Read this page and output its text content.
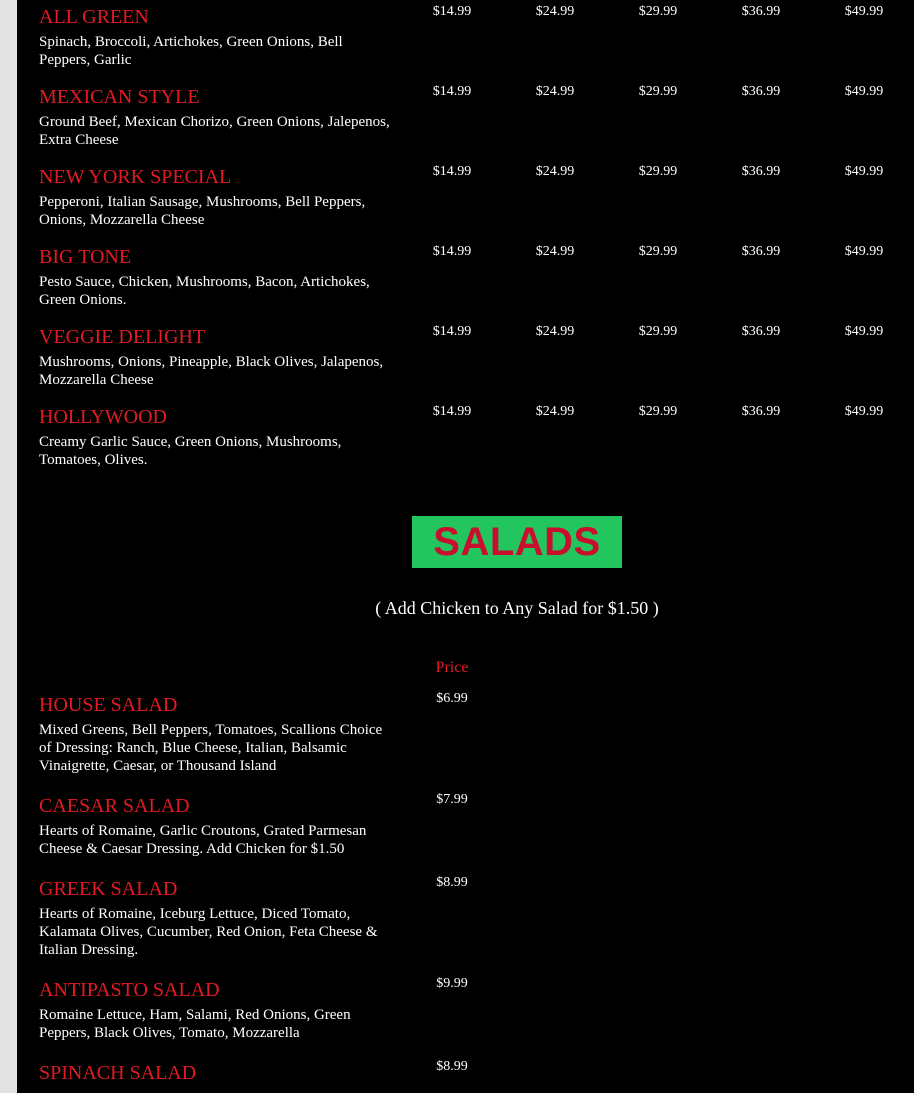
ALL GREEN
Spinach, Broccoli, Artichokes, Green Onions, Bell Peppers, Garlic
$14.99	$24.99	$29.99	$36.99	$49.99
MEXICAN STYLE
Ground Beef, Mexican Chorizo, Green Onions, Jalepenos, Extra Cheese
$14.99	$24.99	$29.99	$36.99	$49.99
NEW YORK SPECIAL
Pepperoni, Italian Sausage, Mushrooms, Bell Peppers, Onions, Mozzarella Cheese
$14.99	$24.99	$29.99	$36.99	$49.99
BIG TONE
Pesto Sauce, Chicken, Mushrooms, Bacon, Artichokes, Green Onions.
$14.99	$24.99	$29.99	$36.99	$49.99
VEGGIE DELIGHT
Mushrooms, Onions, Pineapple, Black Olives, Jalapenos, Mozzarella Cheese
$14.99	$24.99	$29.99	$36.99	$49.99
HOLLYWOOD
Creamy Garlic Sauce, Green Onions, Mushrooms, Tomatoes, Olives.
$14.99	$24.99	$29.99	$36.99	$49.99
SALADS
( Add Chicken to Any Salad for $1.50 )
Price
HOUSE SALAD
Mixed Greens, Bell Peppers, Tomatoes, Scallions Choice of Dressing: Ranch, Blue Cheese, Italian, Balsamic Vinaigrette, Caesar, or Thousand Island
$6.99
CAESAR SALAD
Hearts of Romaine, Garlic Croutons, Grated Parmesan Cheese & Caesar Dressing. Add Chicken for $1.50
$7.99
GREEK SALAD
Hearts of Romaine, Iceburg Lettuce, Diced Tomato, Kalamata Olives, Cucumber, Red Onion, Feta Cheese & Italian Dressing.
$8.99
ANTIPASTO SALAD
Romaine Lettuce, Ham, Salami, Red Onions, Green Peppers, Black Olives, Tomato, Mozzarella
$9.99
SPINACH SALAD	$8.99
